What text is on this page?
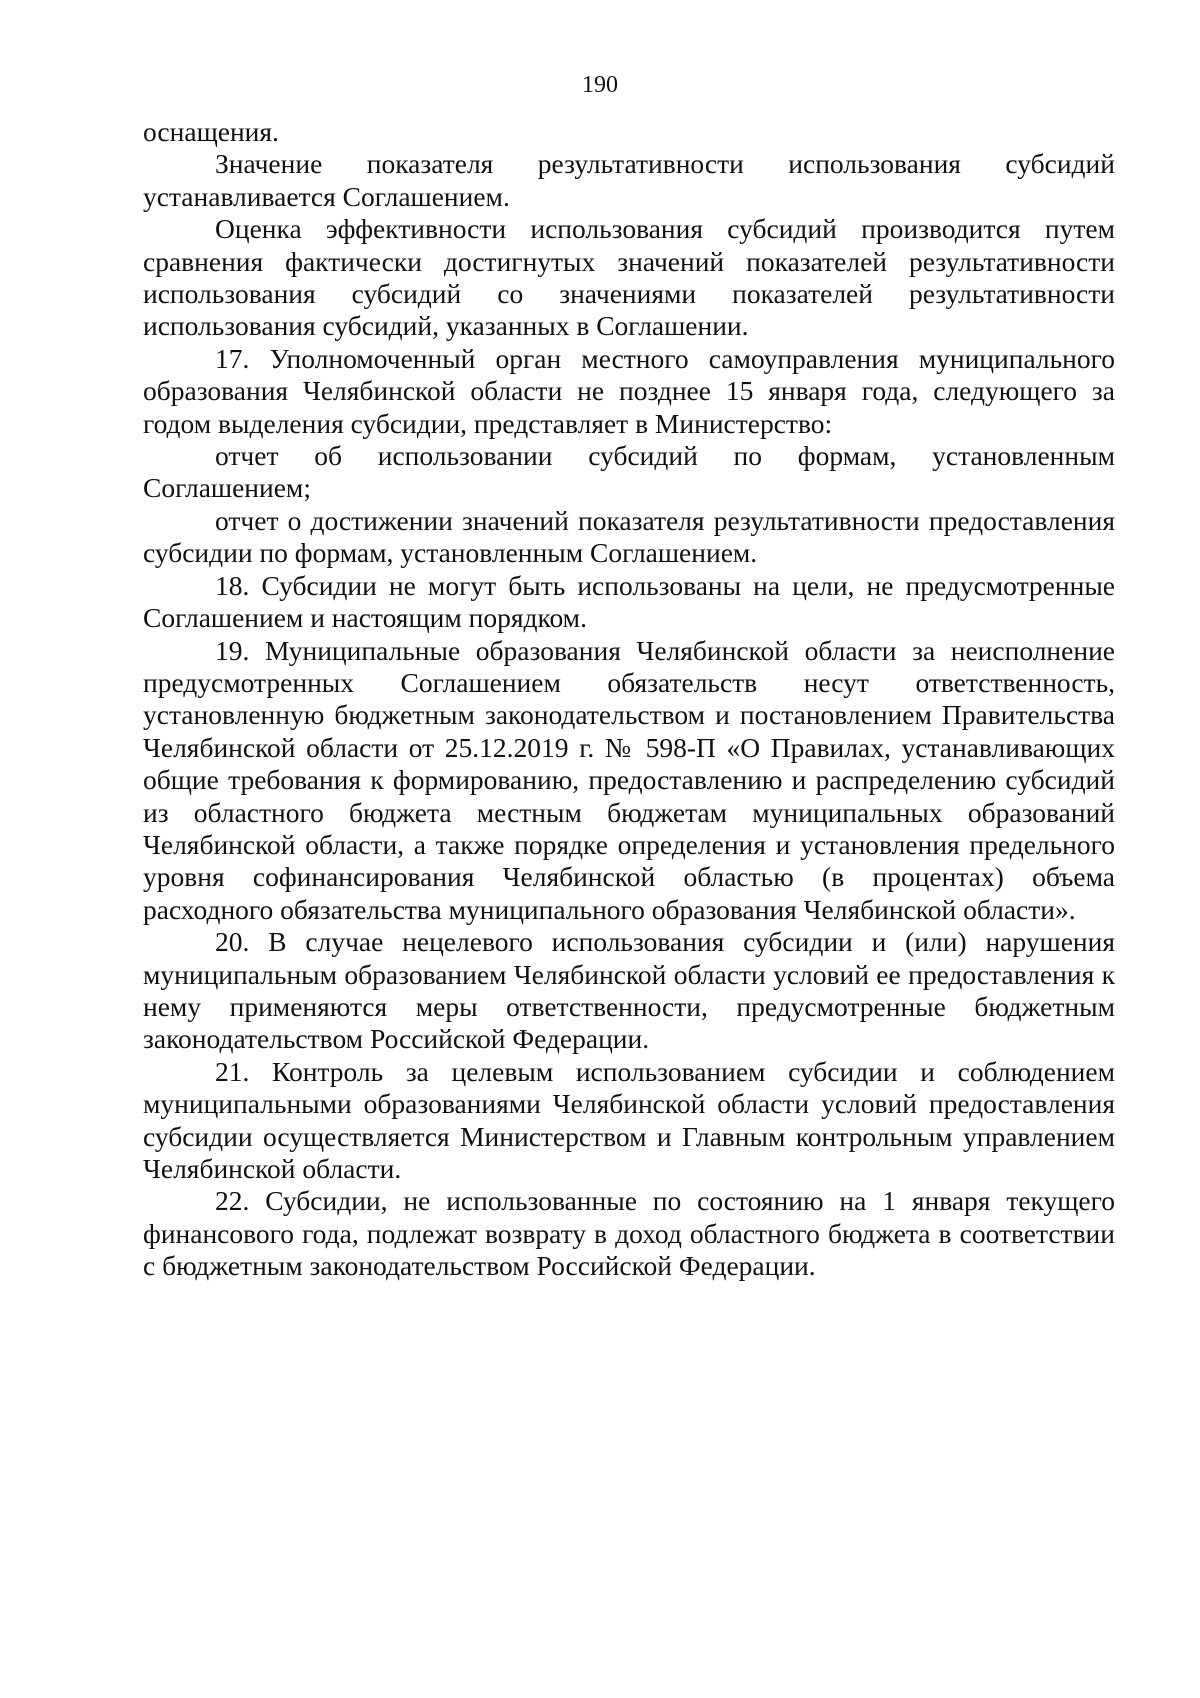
190

оснащения.

Значение показателя результативности использования субсидий устанавливается Соглашением.

Оценка эффективности использования субсидий производится путем сравнения фактически достигнутых значений показателей результативности использования субсидий со значениями показателей результативности использования субсидий, указанных в Соглашении.

17. Уполномоченный орган местного самоуправления муниципального образования Челябинской области не позднее 15 января года, следующего за годом выделения субсидии, представляет в Министерство:

отчет об использовании субсидий по формам, установленным Соглашением;

отчет о достижении значений показателя результативности предоставления субсидии по формам, установленным Соглашением.

18. Субсидии не могут быть использованы на цели, не предусмотренные Соглашением и настоящим порядком.

19. Муниципальные образования Челябинской области за неисполнение предусмотренных Соглашением обязательств несут ответственность, установленную бюджетным законодательством и постановлением Правительства Челябинской области от 25.12.2019 г. № 598-П «О Правилах, устанавливающих общие требования к формированию, предоставлению и распределению субсидий из областного бюджета местным бюджетам муниципальных образований Челябинской области, а также порядке определения и установления предельного уровня софинансирования Челябинской областью (в процентах) объема расходного обязательства муниципального образования Челябинской области».

20. В случае нецелевого использования субсидии и (или) нарушения муниципальным образованием Челябинской области условий ее предоставления к нему применяются меры ответственности, предусмотренные бюджетным законодательством Российской Федерации.

21. Контроль за целевым использованием субсидии и соблюдением муниципальными образованиями Челябинской области условий предоставления субсидии осуществляется Министерством и Главным контрольным управлением Челябинской области.

22. Субсидии, не использованные по состоянию на 1 января текущего финансового года, подлежат возврату в доход областного бюджета в соответствии с бюджетным законодательством Российской Федерации.
